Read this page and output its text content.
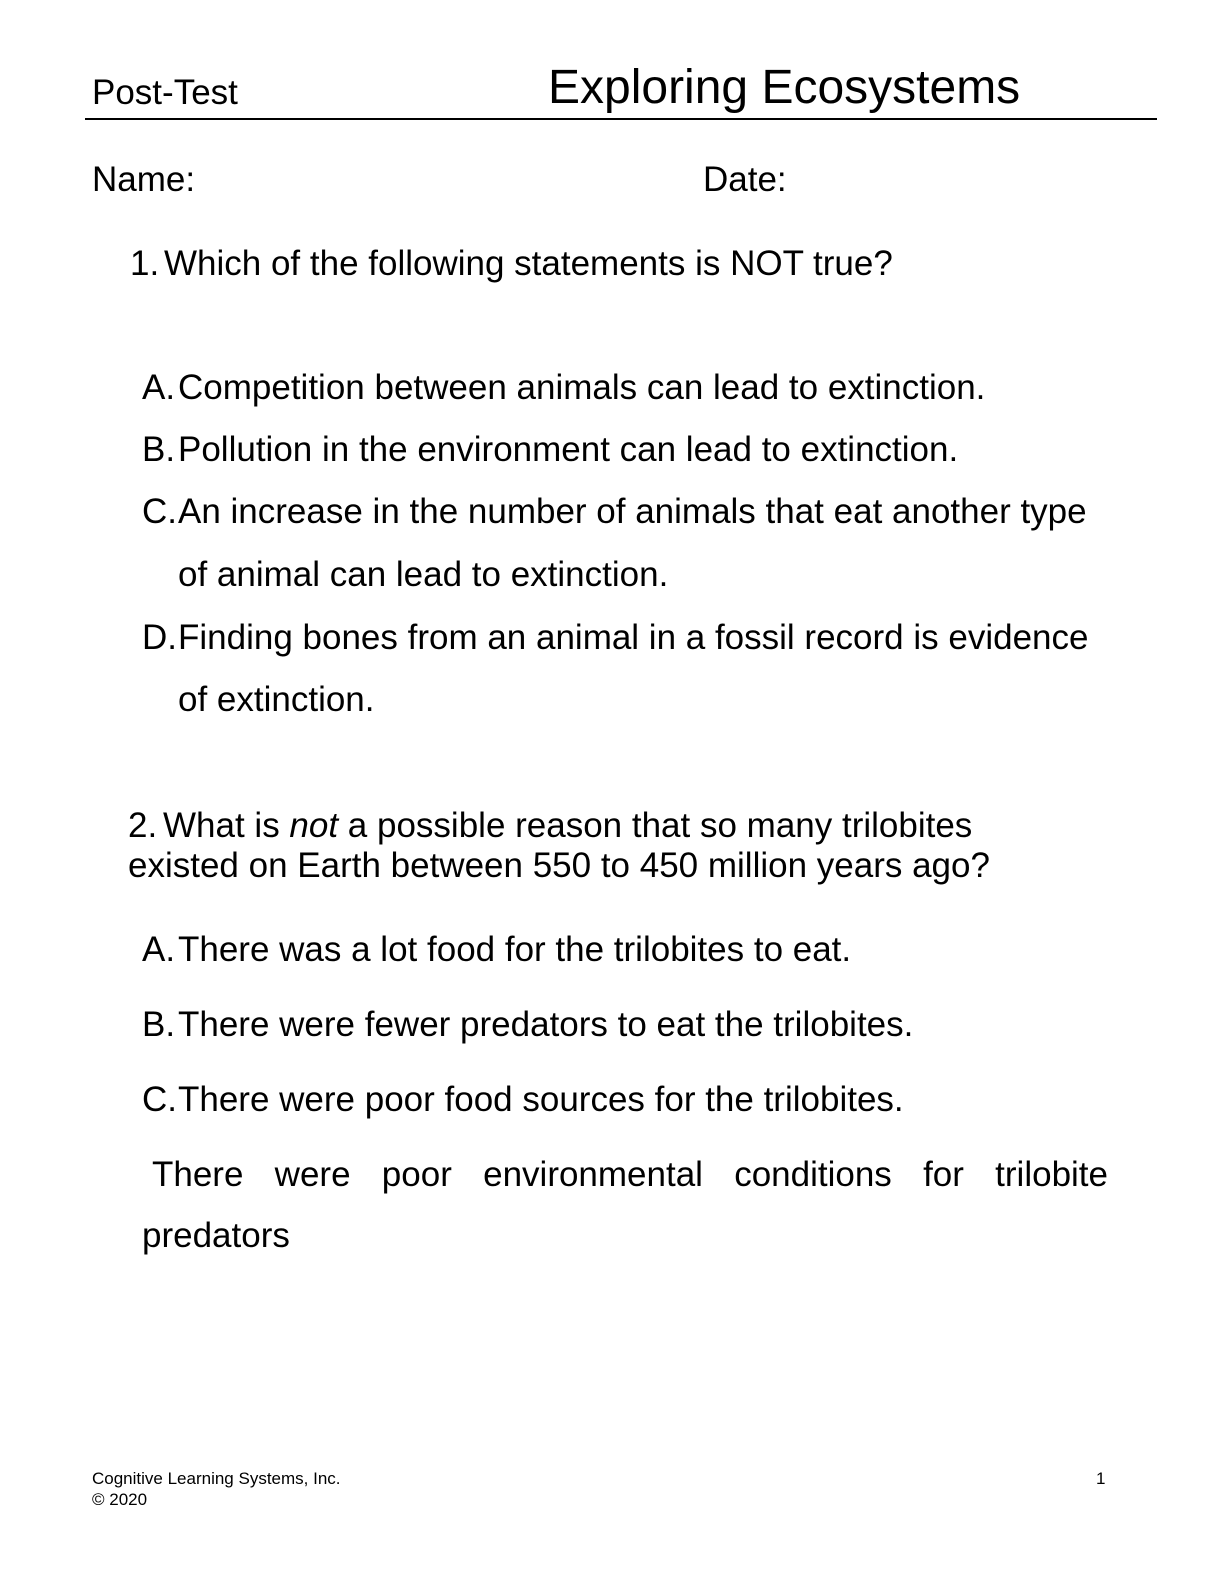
Post-Test	Exploring Ecosystems
Name:	Date:
1. Which of the following statements is NOT true?
A.Competition between animals can lead to extinction.
B.Pollution in the environment can lead to extinction.
C.An increase in the number of animals that eat another type
of animal can lead to extinction.
D.Finding bones from an animal in a fossil record is evidence
of extinction.
2. What is not a possible reason that so many trilobites
existed on Earth between 550 to 450 million years ago?
A.There was a lot food for the trilobites to eat.
B.There were fewer predators to eat the trilobites.
C.There were poor food sources for the trilobites.
There were poor environmental conditions for trilobite
predators
Cognitive Learning Systems, Inc.
© 2020
1
